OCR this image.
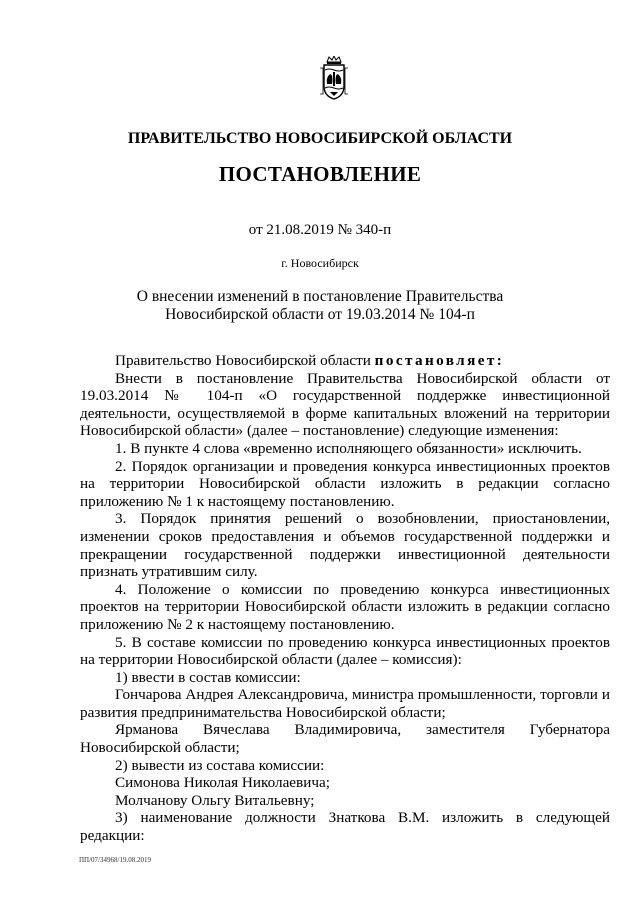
ПРАВИТЕЛЬСТВО НОВОСИБИРСКОЙ ОБЛАСТИ
ПОСТАНОВЛЕНИЕ
от 21.08.2019 № 340-п
г. Новосибирск
О внесении изменений в постановление Правительства
Новосибирской области от 19.03.2014 № 104-п

Правительство Новосибирской области постановляет:

Внести в постановление Правительства Новосибирской области от 19.03.2014 № 104-п «О государственной поддержке инвестиционной деятельности, осуществляемой в форме капитальных вложений на территории Новосибирской области» (далее – постановление) следующие изменения:

1. В пункте 4 слова «временно исполняющего обязанности» исключить.

2. Порядок организации и проведения конкурса инвестиционных проектов на территории Новосибирской области изложить в редакции согласно приложению № 1 к настоящему постановлению.

3. Порядок принятия решений о возобновлении, приостановлении, изменении сроков предоставления и объемов государственной поддержки и прекращении государственной поддержки инвестиционной деятельности признать утратившим силу.

4. Положение о комиссии по проведению конкурса инвестиционных проектов на территории Новосибирской области изложить в редакции согласно приложению № 2 к настоящему постановлению.

5. В составе комиссии по проведению конкурса инвестиционных проектов на территории Новосибирской области (далее – комиссия):

1) ввести в состав комиссии:

Гончарова Андрея Александровича, министра промышленности, торговли и развития предпринимательства Новосибирской области;

Ярманова Вячеслава Владимировича, заместителя Губернатора Новосибирской области;

2) вывести из состава комиссии:

Симонова Николая Николаевича;

Молчанову Ольгу Витальевну;

3) наименование должности Знаткова В.М. изложить в следующей редакции:

ПП/07/34968/19.08.2019
